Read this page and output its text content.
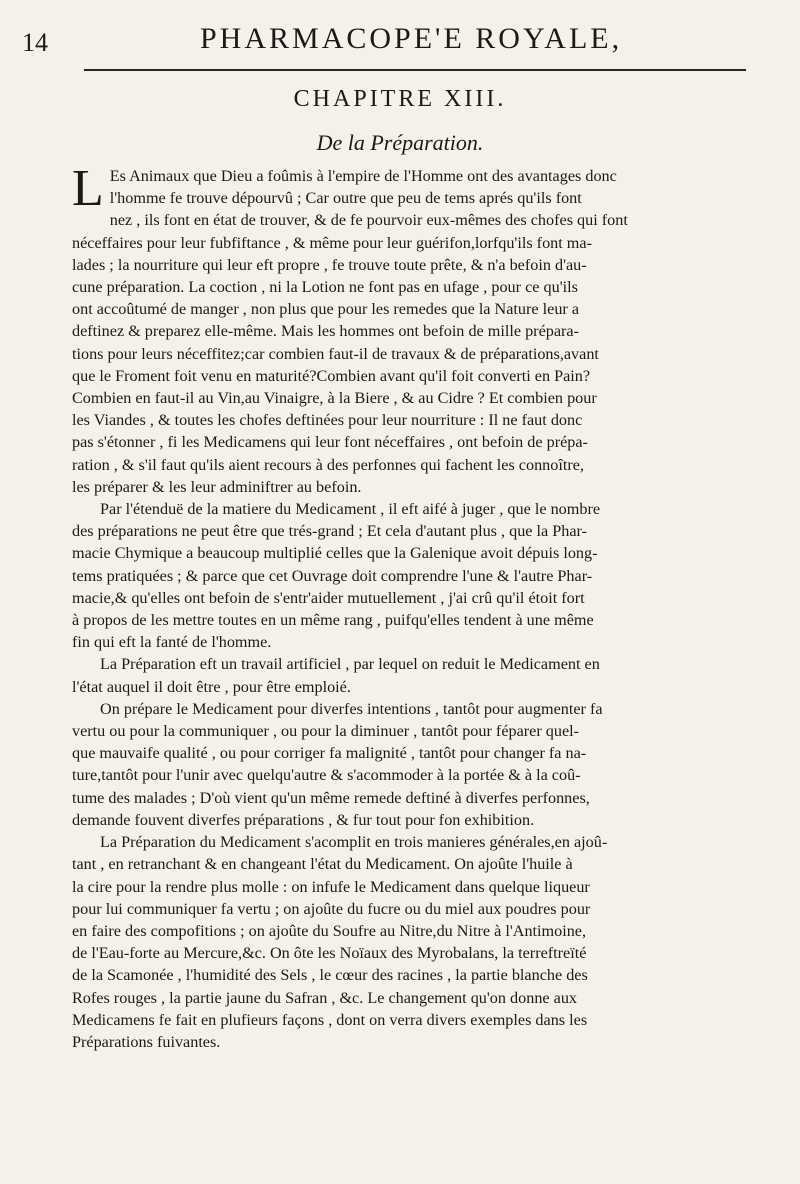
14	PHARMACOPE'E ROYALE,
CHAPITRE XIII.
De la Préparation.
L Es Animaux que Dieu a foûmis à l'empire de l'Homme ont des avantages donc
l'homme fe trouve dépourvû ; Car outre que peu de tems aprés qu'ils font
nez , ils font en état de trouver, & de fe pourvoir eux-mêmes des chofes qui font
néceffaires pour leur fubfiftance , & même pour leur guérifon,lorfqu'ils font ma-
lades ; la nourriture qui leur eft propre , fe trouve toute prête, & n'a befoin d'au-
cune préparation. La coction , ni la Lotion ne font pas en ufage , pour ce qu'ils
ont accoûtumé de manger , non plus que pour les remedes que la Nature leur a
deftinez & preparez elle-même. Mais les hommes ont befoin de mille prépara-
tions pour leurs néceffitez;car combien faut-il de travaux & de préparations,avant
que le Froment foit venu en maturité?Combien avant qu'il foit converti en Pain?
Combien en faut-il au Vin,au Vinaigre, à la Biere , & au Cidre ? Et combien pour
les Viandes , & toutes les chofes deftinées pour leur nourriture : Il ne faut donc
pas s'étonner , fi les Medicamens qui leur font néceffaires , ont befoin de prépa-
ration , & s'il faut qu'ils aient recours à des perfonnes qui fachent les connoître,
les préparer & les leur adminiftrer au befoin.
Par l'étenduë de la matiere du Medicament , il eft aifé à juger , que le nombre
des préparations ne peut être que trés-grand ; Et cela d'autant plus , que la Phar-
macie Chymique a beaucoup multiplié celles que la Galenique avoit dépuis long-
tems pratiquées ; & parce que cet Ouvrage doit comprendre l'une & l'autre Phar-
macie,& qu'elles ont befoin de s'entr'aider mutuellement , j'ai crû qu'il étoit fort
à propos de les mettre toutes en un même rang , puifqu'elles tendent à une même
fin qui eft la fanté de l'homme.
La Préparation eft un travail artificiel , par lequel on reduit le Medicament en
l'état auquel il doit être , pour être emploié.
On prépare le Medicament pour diverfes intentions , tantôt pour augmenter fa
vertu ou pour la communiquer , ou pour la diminuer , tantôt pour féparer quel-
que mauvaife qualité , ou pour corriger fa malignité , tantôt pour changer fa na-
ture,tantôt pour l'unir avec quelqu'autre & s'acommoder à la portée & à la coû-
tume des malades ; D'où vient qu'un même remede deftiné à diverfes perfonnes,
demande fouvent diverfes préparations , & fur tout pour fon exhibition.
La Préparation du Medicament s'acomplit en trois manieres générales,en ajoû-
tant , en retranchant & en changeant l'état du Medicament. On ajoûte l'huile à
la cire pour la rendre plus molle : on infufe le Medicament dans quelque liqueur
pour lui communiquer fa vertu ; on ajoûte du fucre ou du miel aux poudres pour
en faire des compofitions ; on ajoûte du Soufre au Nitre,du Nitre à l'Antimoine,
de l'Eau-forte au Mercure,&c. On ôte les Noïaux des Myrobalans, la terreftreïté
de la Scamonée , l'humidité des Sels , le cœur des racines , la partie blanche des
Rofes rouges , la partie jaune du Safran , &c. Le changement qu'on donne aux
Medicamens fe fait en plufieurs façons , dont on verra divers exemples dans les
Préparations fuivantes.
